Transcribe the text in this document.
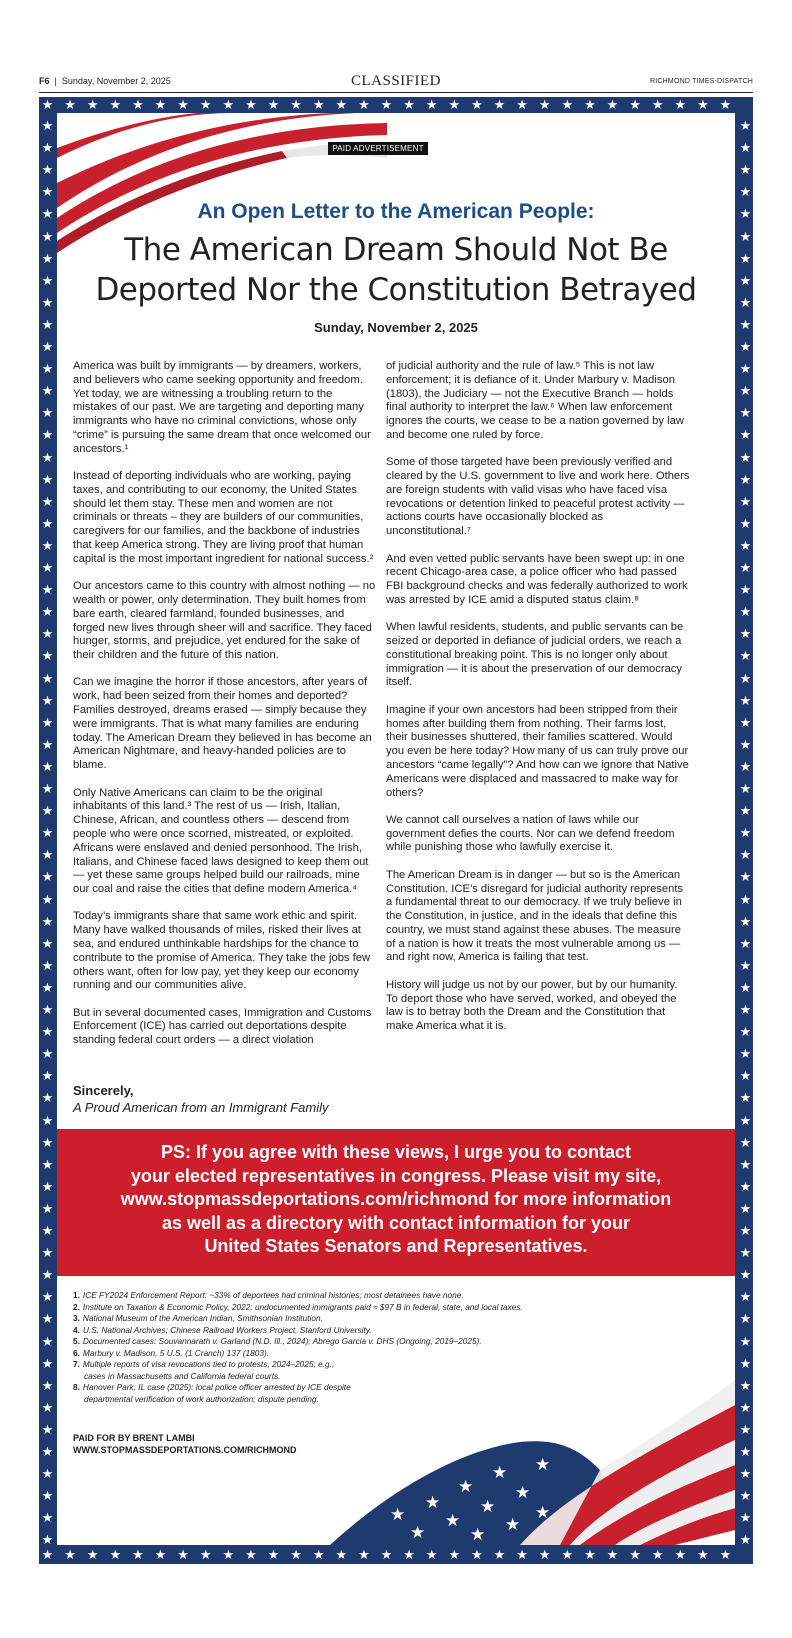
F6  |  Sunday, November 2, 2025	CLASSIFIED	RICHMOND TIMES-DISPATCH
★
★
★
★
★
★
★
★
★
★
★
★
★
★
★
★
★
★
★
★
★
★
★
★
★
★
★
★
★
★
★
★
★
★
★
★
★
★
★
★
★
★
★
★
★
★
★
★
★
★
★
★
★
★
★
★
★
★
★
★
★
★
★	★
★	★
★	★
★	★
★	★
★	★
★	★
★	★
★	★
★	★
★	★
★	★
★	★
★	★
★	★
★	★
★	★
★	★
★	★
★	★
★	★
★	★
★	★
★	★
★	★
★	★
★	★
★	★
★	★
★	★
★	★
★	★
★	★
★	★
★	★
★	★
★	★
★	★
★	★
★	★
★	★
★	★
★	★
★	★
★	★
★	★
★	★
★	★
★	★
★	★
★	★
★	★
★	★
★	★
★	★
★	★
★	★
★	★
★	★
★	★
★	★
★	★
★	★
★	★
★	★
★
★
★
★
★
★
★
★
★ ★
★
★
PAID ADVERTISEMENT
An Open Letter to the American People:
The American Dream Should Not Be
Deported Nor the Constitution Betrayed
Sunday, November 2, 2025

America was built by immigrants — by dreamers, workers, and believers who came seeking opportunity and freedom. Yet today, we are witnessing a troubling return to the mistakes of our past. We are targeting and deporting many immigrants who have no criminal convictions, whose only “crime” is pursuing the same dream that once welcomed our ancestors.¹

Instead of deporting individuals who are working, paying taxes, and contributing to our economy, the United States should let them stay. These men and women are not criminals or threats – they are builders of our communities, caregivers for our families, and the backbone of industries that keep America strong. They are living proof that human capital is the most important ingredient for national success.²

Our ancestors came to this country with almost nothing — no wealth or power, only determination. They built homes from bare earth, cleared farmland, founded businesses, and forged new lives through sheer will and sacrifice. They faced hunger, storms, and prejudice, yet endured for the sake of their children and the future of this nation.

Can we imagine the horror if those ancestors, after years of work, had been seized from their homes and deported? Families destroyed, dreams erased — simply because they were immigrants. That is what many families are enduring today. The American Dream they believed in has become an American Nightmare, and heavy-handed policies are to blame.

Only Native Americans can claim to be the original inhabitants of this land.³ The rest of us — Irish, Italian, Chinese, African, and countless others — descend from people who were once scorned, mistreated, or exploited. Africans were enslaved and denied personhood. The Irish, Italians, and Chinese faced laws designed to keep them out — yet these same groups helped build our railroads, mine our coal and raise the cities that define modern America.⁴

Today’s immigrants share that same work ethic and spirit. Many have walked thousands of miles, risked their lives at sea, and endured unthinkable hardships for the chance to contribute to the promise of America. They take the jobs few others want, often for low pay, yet they keep our economy running and our communities alive.

But in several documented cases, Immigration and Customs Enforcement (ICE) has carried out deportations despite standing federal court orders — a direct violation

of judicial authority and the rule of law.⁵ This is not law enforcement; it is defiance of it. Under Marbury v. Madison (1803), the Judiciary — not the Executive Branch — holds final authority to interpret the law.⁶ When law enforcement ignores the courts, we cease to be a nation governed by law and become one ruled by force.

Some of those targeted have been previously verified and cleared by the U.S. government to live and work here. Others are foreign students with valid visas who have faced visa revocations or detention linked to peaceful protest activity — actions courts have occasionally blocked as unconstitutional.⁷

And even vetted public servants have been swept up: in one recent Chicago-area case, a police officer who had passed FBI background checks and was federally authorized to work was arrested by ICE amid a disputed status claim.⁸

When lawful residents, students, and public servants can be seized or deported in defiance of judicial orders, we reach a constitutional breaking point. This is no longer only about immigration — it is about the preservation of our democracy itself.

Imagine if your own ancestors had been stripped from their homes after building them from nothing. Their farms lost, their businesses shuttered, their families scattered. Would you even be here today? How many of us can truly prove our ancestors “came legally”? And how can we ignore that Native Americans were displaced and massacred to make way for others?

We cannot call ourselves a nation of laws while our government defies the courts. Nor can we defend freedom while punishing those who lawfully exercise it.

The American Dream is in danger — but so is the American Constitution. ICE’s disregard for judicial authority represents a fundamental threat to our democracy. If we truly believe in the Constitution, in justice, and in the ideals that define this country, we must stand against these abuses. The measure of a nation is how it treats the most vulnerable among us — and right now, America is failing that test.

History will judge us not by our power, but by our humanity. To deport those who have served, worked, and obeyed the law is to betray both the Dream and the Constitution that make America what it is.

Sincerely,
A Proud American from an Immigrant Family
PS: If you agree with these views, I urge you to contact
your elected representatives in congress. Please visit my site,
www.stopmassdeportations.com/richmond for more information
as well as a directory with contact information for your
United States Senators and Representatives.
1. ICE FY2024 Enforcement Report: ~33% of deportees had criminal histories; most detainees have none.
2. Institute on Taxation & Economic Policy, 2022: undocumented immigrants paid ≈ $97 B in federal, state, and local taxes.
3. National Museum of the American Indian, Smithsonian Institution.
4. U.S. National Archives; Chinese Railroad Workers Project, Stanford University.
5. Documented cases: Souvannarath v. Garland (N.D. Ill., 2024); Abrego Garcia v. DHS (Ongoing, 2019–2025).
6. Marbury v. Madison, 5 U.S. (1 Cranch) 137 (1803).
7. Multiple reports of visa revocations tied to protests, 2024–2025; e.g.,
cases in Massachusetts and California federal courts.
8. Hanover Park, IL case (2025): local police officer arrested by ICE despite
departmental verification of work authorization; dispute pending.
PAID FOR BY BRENT LAMBI
WWW.STOPMASSDEPORTATIONS.COM/RICHMOND
